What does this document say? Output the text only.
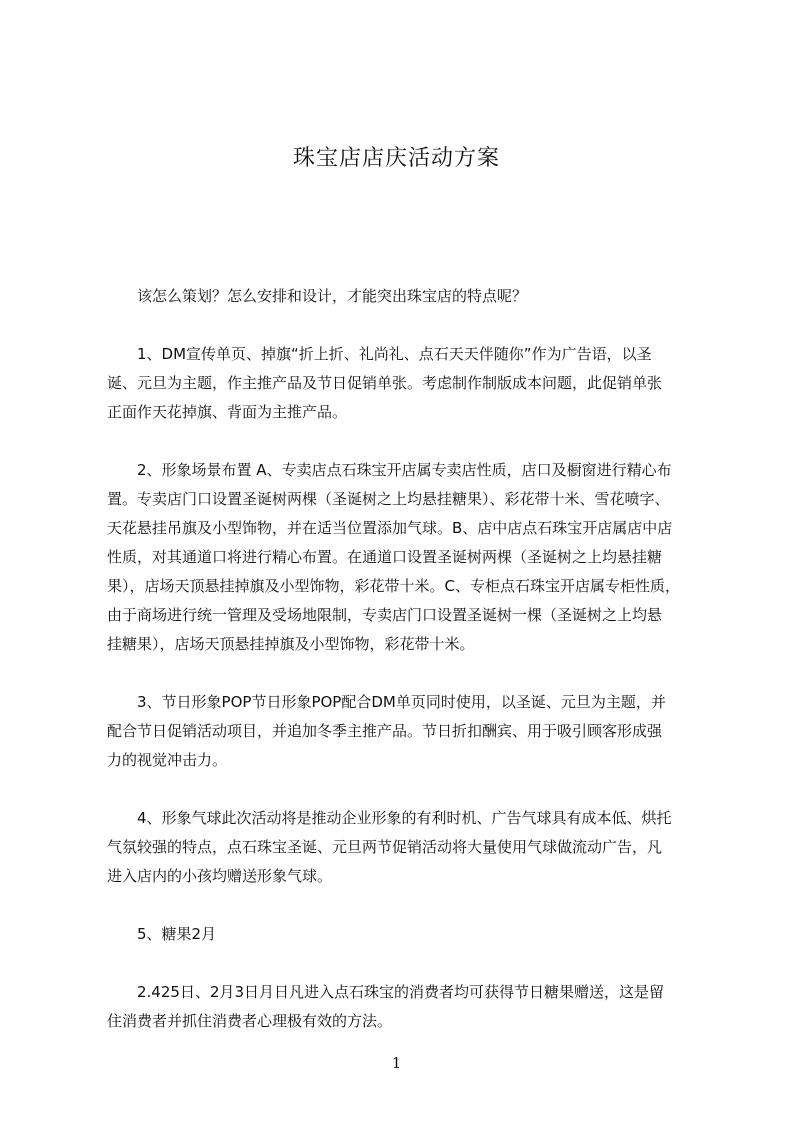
珠宝店店庆活动方案
　　该怎么策划？怎么安排和设计，才能突出珠宝店的特点呢？
　　1、DM宣传单页、掉旗“折上折、礼尚礼、点石天天伴随你”作为广告语，以圣
诞、元旦为主题，作主推产品及节日促销单张。考虑制作制版成本问题，此促销单张
正面作天花掉旗、背面为主推产品。
　　2、形象场景布置 A、专卖店点石珠宝开店属专卖店性质，店口及橱窗进行精心布
置。专卖店门口设置圣诞树两棵（圣诞树之上均悬挂糖果）、彩花带十米、雪花喷字、
天花悬挂吊旗及小型饰物，并在适当位置添加气球。B、店中店点石珠宝开店属店中店
性质，对其通道口将进行精心布置。在通道口设置圣诞树两棵（圣诞树之上均悬挂糖
果），店场天顶悬挂掉旗及小型饰物，彩花带十米。C、专柜点石珠宝开店属专柜性质，
由于商场进行统一管理及受场地限制，专卖店门口设置圣诞树一棵（圣诞树之上均悬
挂糖果），店场天顶悬挂掉旗及小型饰物，彩花带十米。
　　3、节日形象POP节日形象POP配合DM单页同时使用，以圣诞、元旦为主题，并
配合节日促销活动项目，并追加冬季主推产品。节日折扣酬宾、用于吸引顾客形成强
力的视觉冲击力。
　　4、形象气球此次活动将是推动企业形象的有利时机、广告气球具有成本低、烘托
气氛较强的特点，点石珠宝圣诞、元旦两节促销活动将大量使用气球做流动广告，凡
进入店内的小孩均赠送形象气球。
　　5、糖果2月
　　2.425日、2月3日月日凡进入点石珠宝的消费者均可获得节日糖果赠送，这是留
住消费者并抓住消费者心理极有效的方法。
1
